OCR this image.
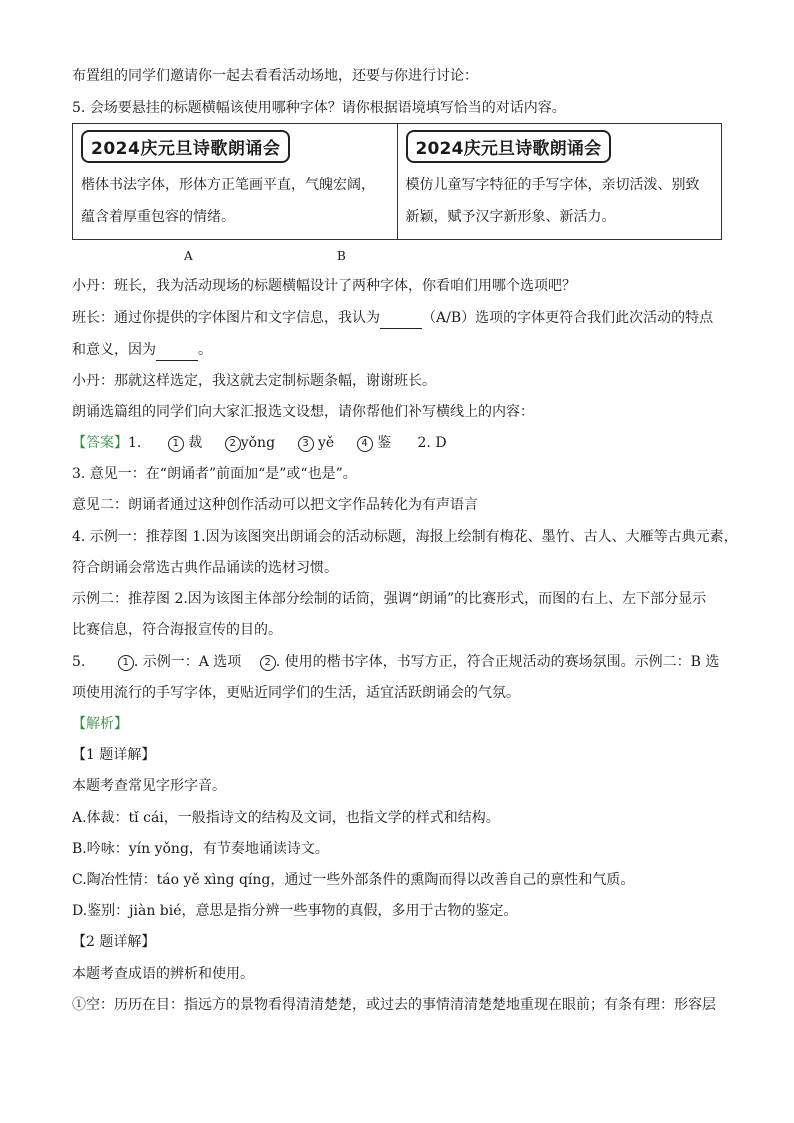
布置组的同学们邀请你一起去看看活动场地，还要与你进行讨论：
5. 会场要悬挂的标题横幅该使用哪种字体？请你根据语境填写恰当的对话内容。
2024庆元旦诗歌朗诵会
楷体书法字体，形体方正笔画平直，气魄宏阔，蕴含着厚重包容的情绪。
	2024庆元旦诗歌朗诵会
模仿儿童写字特征的手写字体，亲切活泼、别致新颖，赋予汉字新形象、新活力。
A	B
小丹：班长，我为活动现场的标题横幅设计了两种字体，你看咱们用哪个选项吧？
班长：通过你提供的字体图片和文字信息，我认为	（A/B）选项的字体更符合我们此次活动的特点
和意义，因为	。
小丹：那就这样选定，我这就去定制标题条幅，谢谢班长。
朗诵选篇组的同学们向大家汇报选文设想，请你帮他们补写横线上的内容：
【答案】1.	1 裁	2 yǒng	3 yě	4 鉴 2. D
3. 意见一：在“朗诵者”前面加“是”或“也是”。
意见二：朗诵者通过这种创作活动可以把文字作品转化为有声语言
4. 示例一：推荐图 1.因为该图突出朗诵会的活动标题，海报上绘制有梅花、墨竹、古人、大雁等古典元素，
符合朗诵会常选古典作品诵读的选材习惯。
示例二：推荐图 2.因为该图主体部分绘制的话筒，强调“朗诵”的比赛形式，而图的右上、左下部分显示
比赛信息，符合海报宣传的目的。
5.	1 . 示例一：A 选项 2 . 使用的楷书字体，书写方正，符合正规活动的赛场氛围。示例二：B 选
项使用流行的手写字体，更贴近同学们的生活，适宜活跃朗诵会的气氛。
【解析】
【1 题详解】
本题考查常见字形字音。
A.体裁：tǐ cái，一般指诗文的结构及文词，也指文学的样式和结构。
B.吟咏：yín yǒng，有节奏地诵读诗文。
C.陶冶性情：táo yě xìng qíng，通过一些外部条件的熏陶而得以改善自己的禀性和气质。
D.鉴别：jiàn bié，意思是指分辨一些事物的真假，多用于古物的鉴定。
【2 题详解】
本题考查成语的辨析和使用。
①空：历历在目：指远方的景物看得清清楚楚，或过去的事情清清楚楚地重现在眼前；有条有理：形容层
